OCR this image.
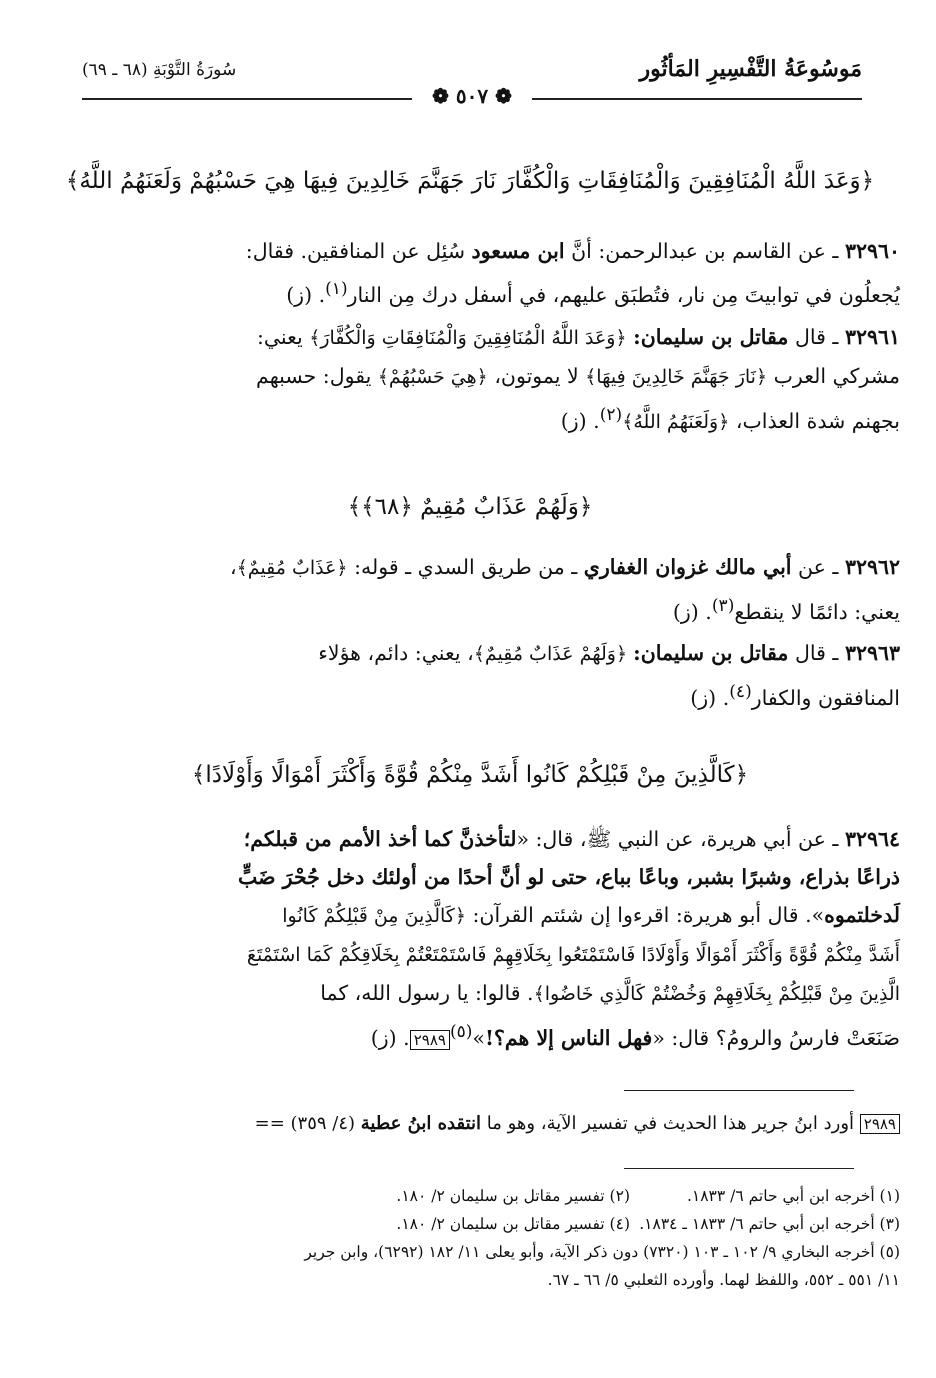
مَوسُوعَةُ التَّفْسِيرِ المَأثُور
سُورَةُ التَّوْبَةِ (٦٨ ـ ٦٩)
❁ ٥٠٧ ❁
﴿وَعَدَ اللَّهُ الْمُنَافِقِينَ وَالْمُنَافِقَاتِ وَالْكُفَّارَ نَارَ جَهَنَّمَ خَالِدِينَ فِيهَا هِيَ حَسْبُهُمْ وَلَعَنَهُمُ اللَّهُ﴾

٣٢٩٦٠ ـ عن القاسم بن عبدالرحمن: أنَّ ابن مسعود سُئِل عن المنافقين. فقال:

يُجعلُون في توابيتَ مِن نار، فتُطبَق عليهم، في أسفل درك مِن النار$^{(١)}$. (ز)

٣٢٩٦١ ـ قال مقاتل بن سليمان: ﴿وَعَدَ اللَّهُ الْمُنَافِقِينَ وَالْمُنَافِقَاتِ وَالْكُفَّارَ﴾ يعني:

مشركي العرب ﴿نَارَ جَهَنَّمَ خَالِدِينَ فِيهَا﴾ لا يموتون، ﴿هِيَ حَسْبُهُمْ﴾ يقول: حسبهم

بجهنم شدة العذاب، ﴿وَلَعَنَهُمُ اللَّهُ﴾$^{(٢)}$. (ز)

﴿وَلَهُمْ عَذَابٌ مُقِيمٌ ﴿٦٨﴾﴾

٣٢٩٦٢ ـ عن أبي مالك غزوان الغفاري ـ من طريق السدي ـ قوله: ﴿عَذَابٌ مُقِيمٌ﴾،

يعني: دائمًا لا ينقطع$^{(٣)}$. (ز)

٣٢٩٦٣ ـ قال مقاتل بن سليمان: ﴿وَلَهُمْ عَذَابٌ مُقِيمٌ﴾، يعني: دائم، هؤلاء

المنافقون والكفار$^{(٤)}$. (ز)

﴿كَالَّذِينَ مِنْ قَبْلِكُمْ كَانُوا أَشَدَّ مِنْكُمْ قُوَّةً وَأَكْثَرَ أَمْوَالًا وَأَوْلَادًا﴾

٣٢٩٦٤ ـ عن أبي هريرة، عن النبي ﷺ، قال: «لتأخذنَّ كما أخذ الأمم من قبلكم؛

ذراعًا بذراع، وشبرًا بشبر، وباعًا بباع، حتى لو أنَّ أحدًا من أولئك دخل جُحْرَ ضَبٍّ

لَدخلتموه». قال أبو هريرة: اقرءوا إن شئتم القرآن: ﴿كَالَّذِينَ مِنْ قَبْلِكُمْ كَانُوا

أَشَدَّ مِنْكُمْ قُوَّةً وَأَكْثَرَ أَمْوَالًا وَأَوْلَادًا فَاسْتَمْتَعُوا بِخَلَاقِهِمْ فَاسْتَمْتَعْتُمْ بِخَلَاقِكُمْ كَمَا اسْتَمْتَعَ

الَّذِينَ مِنْ قَبْلِكُمْ بِخَلَاقِهِمْ وَخُضْتُمْ كَالَّذِي خَاضُوا﴾. قالوا: يا رسول الله، كما

صَنَعَتْ فارسُ والرومُ؟ قال: «فهل الناس إلا هم؟!»$^{(٥)}$٢٩٨٩. (ز)

٢٩٨٩ أورد ابنُ جرير هذا الحديث في تفسير الآية، وهو ما انتقده ابنُ عطية (٤/ ٣٥٩) ==
(١) أخرجه ابن أبي حاتم ٦/ ١٨٣٣.
(٢) تفسير مقاتل بن سليمان ٢/ ١٨٠.
(٣) أخرجه ابن أبي حاتم ٦/ ١٨٣٣ ـ ١٨٣٤.
(٤) تفسير مقاتل بن سليمان ٢/ ١٨٠.
(٥) أخرجه البخاري ٩/ ١٠٢ ـ ١٠٣ (٧٣٢٠) دون ذكر الآية، وأبو يعلى ١١/ ١٨٢ (٦٢٩٢)، وابن جرير
١١/ ٥٥١ ـ ٥٥٢، واللفظ لهما. وأورده الثعلبي ٥/ ٦٦ ـ ٦٧.
